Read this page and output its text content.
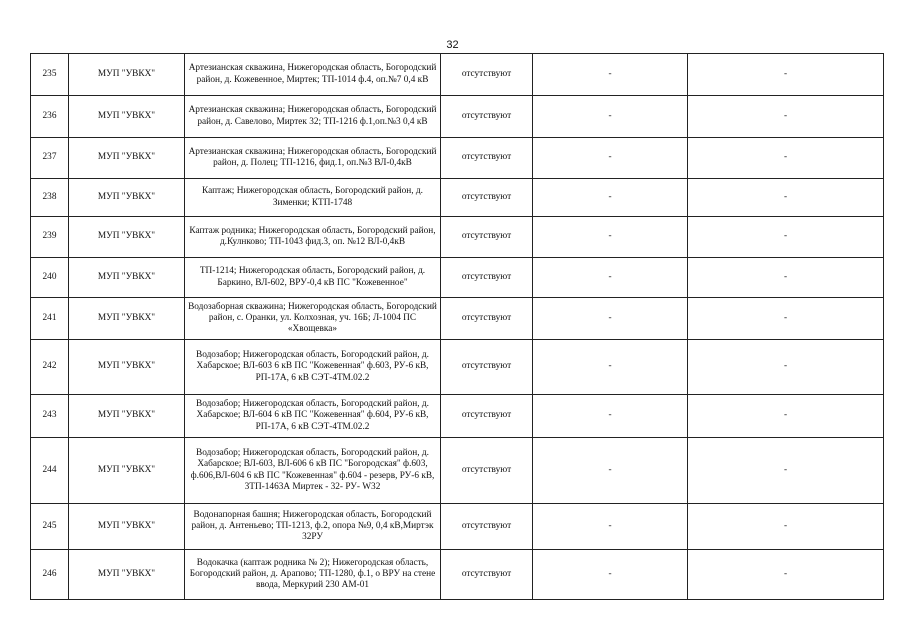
32
235	МУП "УВКХ"	Артезианская скважина, Нижегородская область, Богородский район, д. Кожевенное, Миртек; ТП-1014 ф.4, оп.№7 0,4 кВ	отсутствуют	-	-
236	МУП "УВКХ"	Артезианская скважина; Нижегородская область, Богородский район, д. Савелово, Миртек 32; ТП-1216 ф.1,оп.№3 0,4 кВ	отсутствуют	-	-
237	МУП "УВКХ"	Артезианская скважина; Нижегородская область, Богородский район, д. Полец; ТП-1216, фид.1, оп.№3 ВЛ-0,4кВ	отсутствуют	-	-
238	МУП "УВКХ"	Каптаж; Нижегородская область, Богородский район, д. Зименки; КТП-1748	отсутствуют	-	-
239	МУП "УВКХ"	Каптаж родника; Нижегородская область, Богородский район, д.Кулнково; ТП-1043 фид.3, оп. №12 ВЛ-0,4кВ	отсутствуют	-	-
240	МУП "УВКХ"	ТП-1214; Нижегородская область, Богородский район, д. Баркино, ВЛ-602, ВРУ-0,4 кВ ПС "Кожевенное"	отсутствуют	-	-
241	МУП "УВКХ"	Водозаборная скважина; Нижегородская область, Богородский район, с. Оранки, ул. Колхозная, уч. 16Б; Л-1004 ПС «Хвощевка»	отсутствуют	-	-
242	МУП "УВКХ"	Водозабор; Нижегородская область, Богородский район, д. Хабарское; ВЛ-603 6 кВ ПС "Кожевенная" ф.603, РУ-6 кВ, РП-17А, 6 кВ СЭТ-4ТМ.02.2	отсутствуют	-	-
243	МУП "УВКХ"	Водозабор; Нижегородская область, Богородский район, д. Хабарское; ВЛ-604 6 кВ ПС "Кожевенная" ф.604, РУ-6 кВ, РП-17А, 6 кВ СЭТ-4ТМ.02.2	отсутствуют	-	-
244	МУП "УВКХ"	Водозабор; Нижегородская область, Богородский район, д. Хабарское; ВЛ-603, ВЛ-606 6 кВ ПС "Богородская" ф.603, ф.606,ВЛ-604 6 кВ ПС "Кожевенная" ф.604 - резерв, РУ-6 кВ, 3ТП-1463А Миртек - 32- РУ- W32	отсутствуют	-	-
245	МУП "УВКХ"	Водонапорная башня; Нижегородская область, Богородский район, д. Антеньево; ТП-1213, ф.2, опора №9, 0,4 кВ,Миртэк 32РУ	отсутствуют	-	-
246	МУП "УВКХ"	Водокачка (каптаж родника № 2); Нижегородская область, Богородский район, д. Арапово; ТП-1280, ф.1, о ВРУ на стене ввода, Меркурий 230 АМ-01	отсутствуют	-	-
